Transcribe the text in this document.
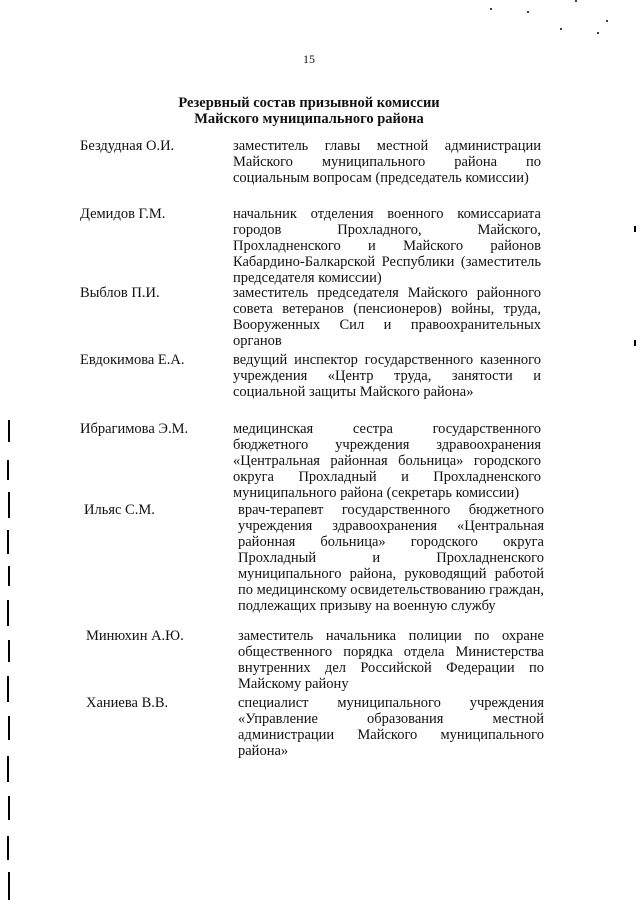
15
Резервный состав призывной комиссии
Майского муниципального района
Бездудная О.И.	заместитель главы местной администрации Майского муниципального района по социальным вопросам (председатель комиссии)
Демидов Г.М.	начальник отделения военного комиссариата городов Прохладного, Майского, Прохладненского и Майского районов Кабардино-Балкарской Республики (заместитель председателя комиссии)
Выблов П.И.	заместитель председателя Майского районного совета ветеранов (пенсионеров) войны, труда, Вооруженных Сил и правоохранительных органов
Евдокимова Е.А.	ведущий инспектор государственного казенного учреждения «Центр труда, занятости и социальной защиты Майского района»
Ибрагимова Э.М.	медицинская сестра государственного бюджетного учреждения здравоохранения «Центральная районная больница» городского округа Прохладный и Прохладненского муниципального района (секретарь комиссии)
Ильяс С.М.	врач-терапевт государственного бюджетного учреждения здравоохранения «Центральная районная больница» городского округа Прохладный и Прохладненского муниципального района, руководящий работой по медицинскому освидетельствованию граждан, подлежащих призыву на военную службу
Минюхин А.Ю.	заместитель начальника полиции по охране общественного порядка отдела Министерства внутренних дел Российской Федерации по Майскому району
Ханиева В.В.	специалист муниципального учреждения «Управление образования местной администрации Майского муниципального района»
